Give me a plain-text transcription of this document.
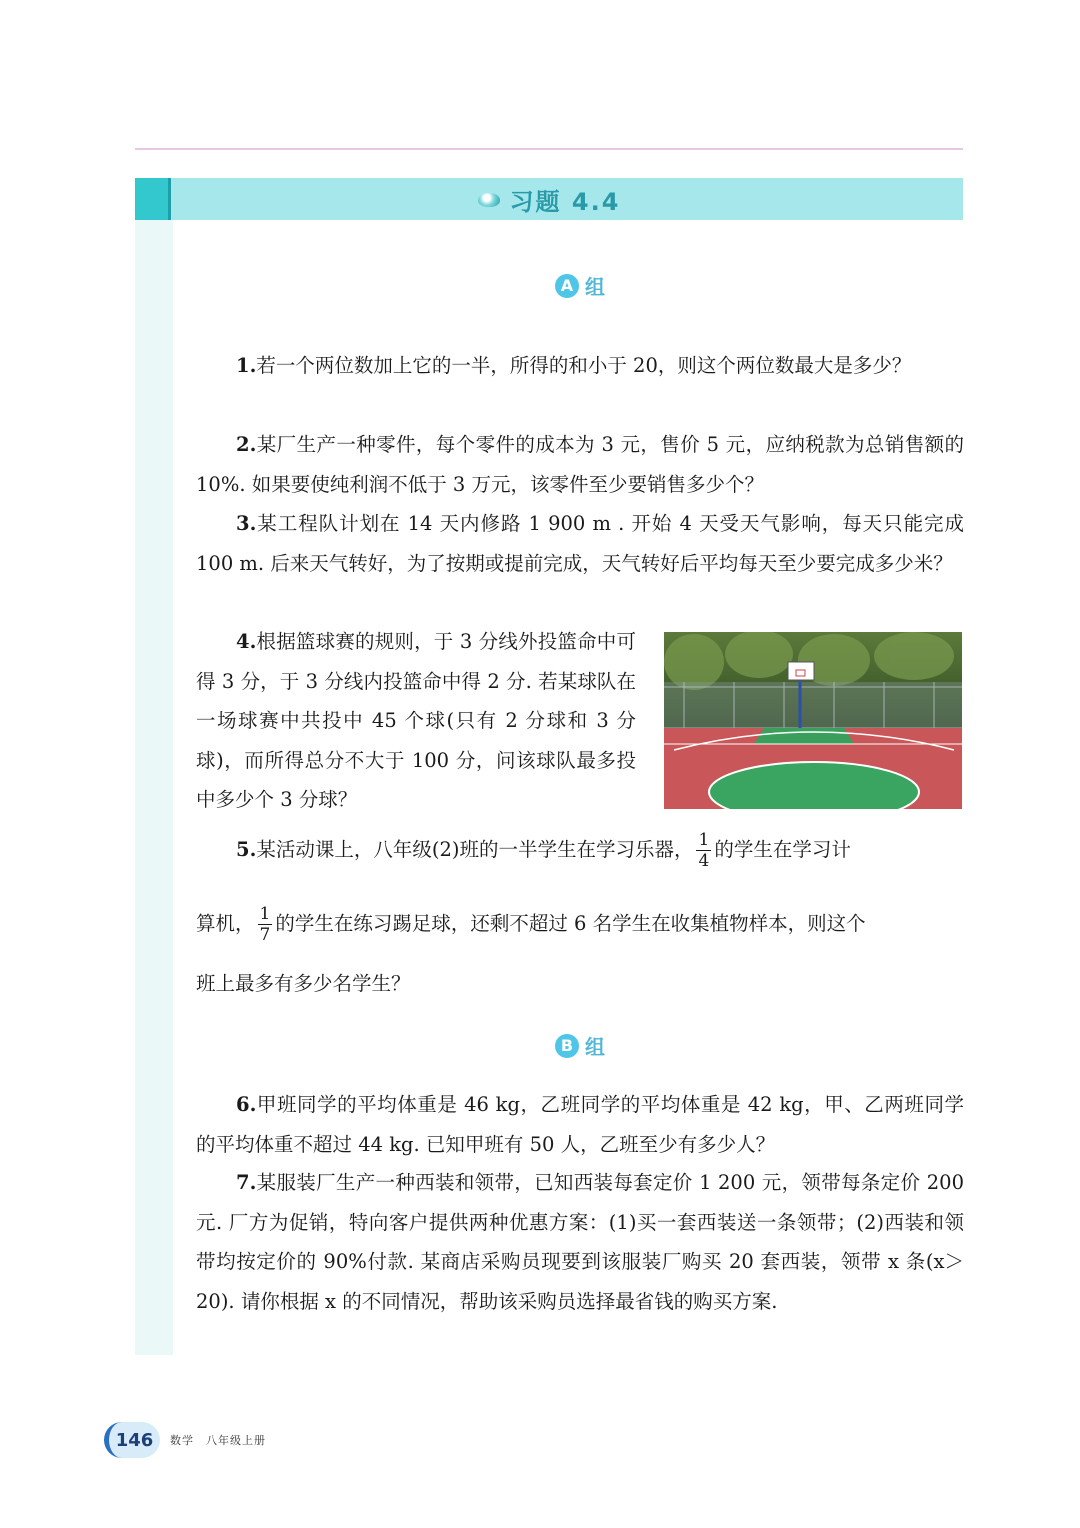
习题 4.4
A 组

1.若一个两位数加上它的一半，所得的和小于 20，则这个两位数最大是多少？

2.某厂生产一种零件，每个零件的成本为 3 元，售价 5 元，应纳税款为总销售额的 10%. 如果要使纯利润不低于 3 万元，该零件至少要销售多少个？

3.某工程队计划在 14 天内修路 1 900 m . 开始 4 天受天气影响，每天只能完成 100 m. 后来天气转好，为了按期或提前完成，天气转好后平均每天至少要完成多少米？

4.根据篮球赛的规则，于 3 分线外投篮命中可得 3 分，于 3 分线内投篮命中得 2 分. 若某球队在一场球赛中共投中 45 个球(只有 2 分球和 3 分球)，而所得总分不大于 100 分，问该球队最多投中多少个 3 分球？

5.某活动课上，八年级(2)班的一半学生在学习乐器， $\frac{1}{4}$ 的学生在学习计
算机， $\frac{1}{7}$ 的学生在练习踢足球，还剩不超过 6 名学生在收集植物样本，则这个
班上最多有多少名学生？
B 组

6.甲班同学的平均体重是 46 kg，乙班同学的平均体重是 42 kg，甲、乙两班同学的平均体重不超过 44 kg. 已知甲班有 50 人，乙班至少有多少人？

7.某服装厂生产一种西装和领带，已知西装每套定价 1 200 元，领带每条定价 200 元. 厂方为促销，特向客户提供两种优惠方案：(1)买一套西装送一条领带；(2)西装和领带均按定价的 90%付款. 某商店采购员现要到该服装厂购买 20 套西装，领带 x 条(x＞20). 请你根据 x 的不同情况，帮助该采购员选择最省钱的购买方案.

146	数学　八年级上册
